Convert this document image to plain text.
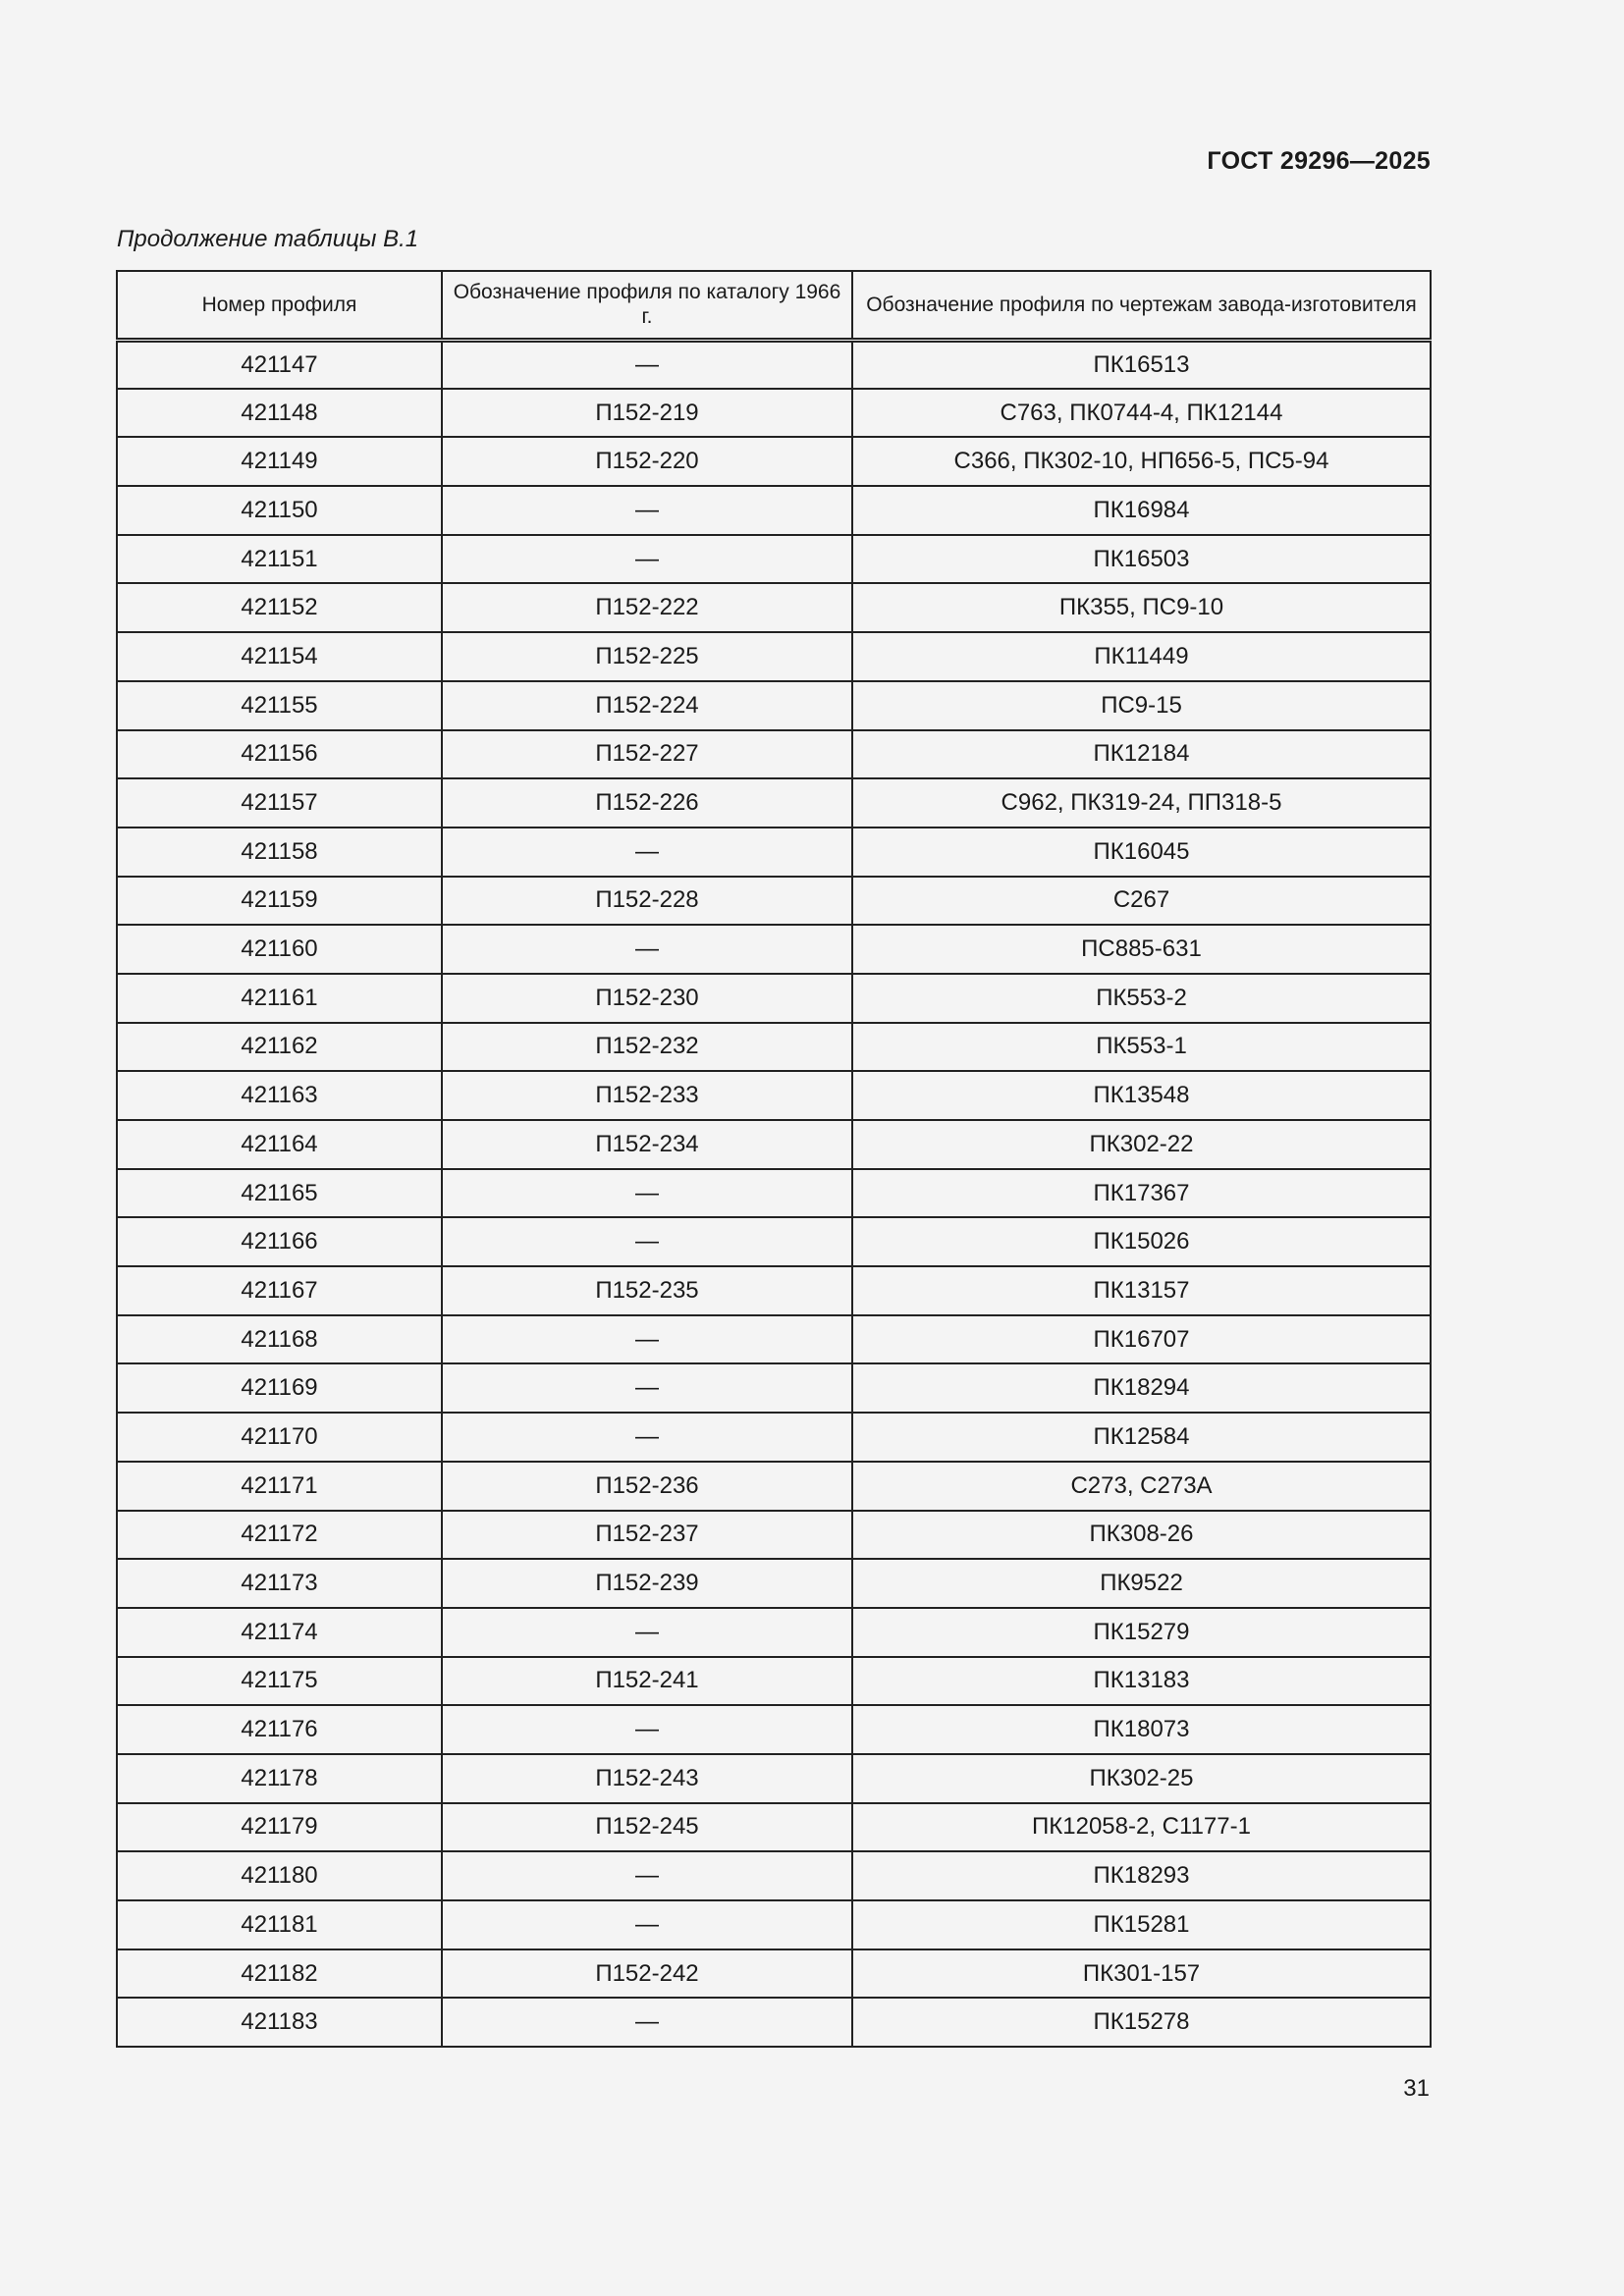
ГОСТ 29296—2025
Продолжение таблицы В.1
Номер профиля	Обозначение профиля по каталогу 1966 г.	Обозначение профиля по чертежам завода-изготовителя
421147	—	ПК16513
421148	П152-219	С763, ПК0744-4, ПК12144
421149	П152-220	С366, ПК302-10, НП656-5, ПС5-94
421150	—	ПК16984
421151	—	ПК16503
421152	П152-222	ПК355, ПС9-10
421154	П152-225	ПК11449
421155	П152-224	ПС9-15
421156	П152-227	ПК12184
421157	П152-226	С962, ПК319-24, ПП318-5
421158	—	ПК16045
421159	П152-228	С267
421160	—	ПС885-631
421161	П152-230	ПК553-2
421162	П152-232	ПК553-1
421163	П152-233	ПК13548
421164	П152-234	ПК302-22
421165	—	ПК17367
421166	—	ПК15026
421167	П152-235	ПК13157
421168	—	ПК16707
421169	—	ПК18294
421170	—	ПК12584
421171	П152-236	С273, С273А
421172	П152-237	ПК308-26
421173	П152-239	ПК9522
421174	—	ПК15279
421175	П152-241	ПК13183
421176	—	ПК18073
421178	П152-243	ПК302-25
421179	П152-245	ПК12058-2, С1177-1
421180	—	ПК18293
421181	—	ПК15281
421182	П152-242	ПК301-157
421183	—	ПК15278
31
